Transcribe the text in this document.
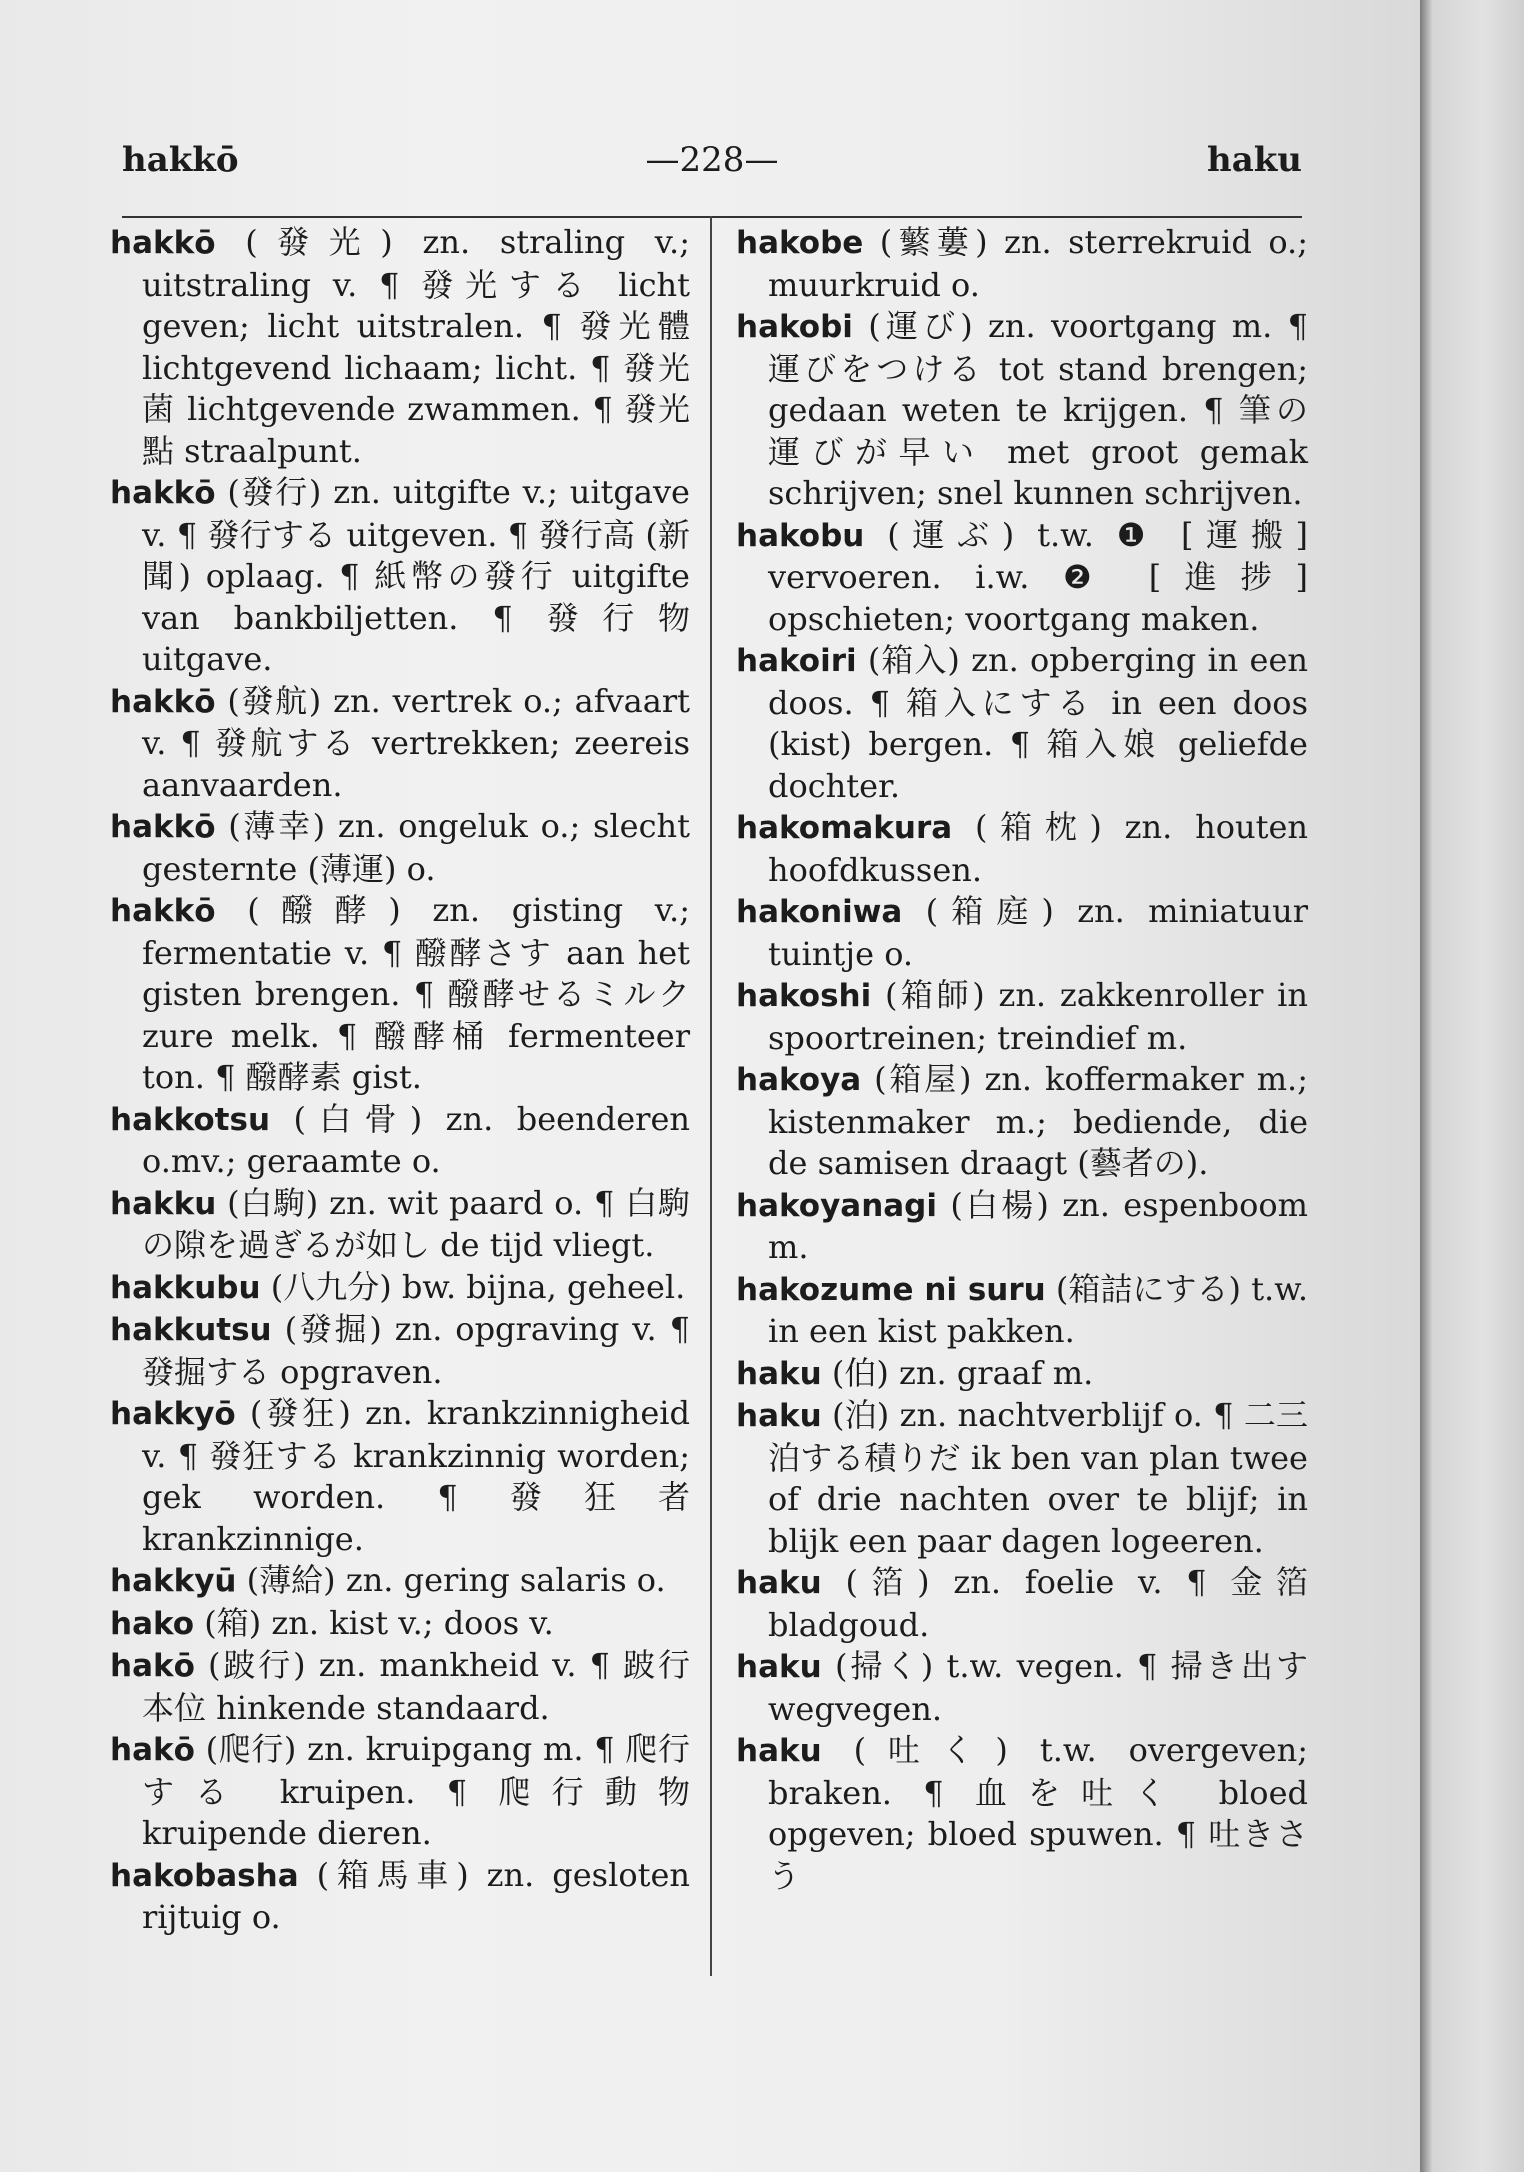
hakkō	—228—	haku

hakkō (發光) zn. straling v.; uitstraling v. ¶ 發光する licht geven; licht uitstralen. ¶ 發光體 lichtgevend lichaam; licht. ¶ 發光菌 lichtgevende zwammen. ¶ 發光點 straalpunt.

hakkō (發行) zn. uitgifte v.; uitgave v. ¶ 發行する uitgeven. ¶ 發行高 (新聞) oplaag. ¶ 紙幣の發行 uitgifte van bankbiljetten. ¶ 發行物 uitgave.

hakkō (發航) zn. vertrek o.; afvaart v. ¶ 發航する vertrekken; zeereis aanvaarden.

hakkō (薄幸) zn. ongeluk o.; slecht gesternte (薄運) o.

hakkō (醱酵) zn. gisting v.; fermentatie v. ¶ 醱酵さす aan het gisten brengen. ¶ 醱酵せるミルク zure melk. ¶ 醱酵桶 fermenteer ton. ¶ 醱酵素 gist.

hakkotsu (白骨) zn. beenderen o.mv.; geraamte o.

hakku (白駒) zn. wit paard o. ¶ 白駒の隙を過ぎるが如し de tijd vliegt.

hakkubu (八九分) bw. bijna, geheel.

hakkutsu (發掘) zn. opgraving v. ¶ 發掘する opgraven.

hakkyō (發狂) zn. krankzinnigheid v. ¶ 發狂する krankzinnig worden; gek worden. ¶ 發狂者 krankzinnige.

hakkyū (薄給) zn. gering salaris o.

hako (箱) zn. kist v.; doos v.

hakō (跛行) zn. mankheid v. ¶ 跛行本位 hinkende standaard.

hakō (爬行) zn. kruipgang m. ¶ 爬行する kruipen. ¶ 爬行動物 kruipende dieren.

hakobasha (箱馬車) zn. gesloten rijtuig o.

hakobe (蘩蔞) zn. sterrekruid o.; muurkruid o.

hakobi (運び) zn. voortgang m. ¶ 運びをつける tot stand brengen; gedaan weten te krijgen. ¶ 筆の運びが早い met groot gemak schrijven; snel kunnen schrijven.

hakobu (運ぶ) t.w. ❶ [運搬] vervoeren. i.w. ❷ [進捗] opschieten; voortgang maken.

hakoiri (箱入) zn. opberging in een doos. ¶ 箱入にする in een doos (kist) bergen. ¶ 箱入娘 geliefde dochter.

hakomakura (箱枕) zn. houten hoofdkussen.

hakoniwa (箱庭) zn. miniatuur tuintje o.

hakoshi (箱師) zn. zakkenroller in spoortreinen; treindief m.

hakoya (箱屋) zn. koffermaker m.; kistenmaker m.; bediende, die de samisen draagt (藝者の).

hakoyanagi (白楊) zn. espenboom m.

hakozume ni suru (箱詰にする) t.w. in een kist pakken.

haku (伯) zn. graaf m.

haku (泊) zn. nachtverblijf o. ¶ 二三泊する積りだ ik ben van plan twee of drie nachten over te blijf; in blijk een paar dagen logeeren.

haku (箔) zn. foelie v. ¶ 金箔 bladgoud.

haku (掃く) t.w. vegen. ¶ 掃き出す wegvegen.

haku (吐く) t.w. overgeven; braken. ¶ 血を吐く bloed opgeven; bloed spuwen. ¶ 吐きさう
